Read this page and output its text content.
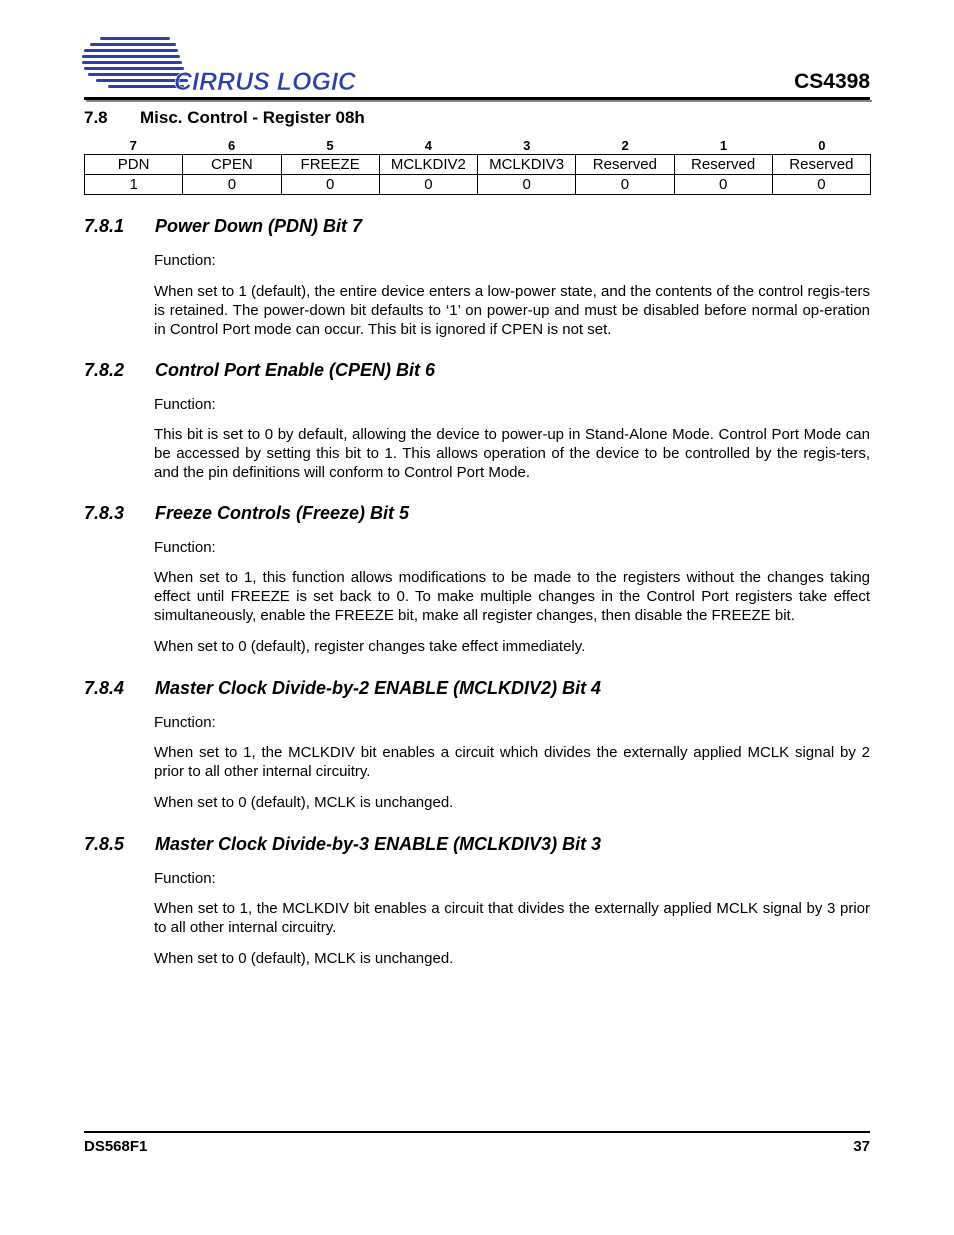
CIRRUS LOGIC	CS4398
7.8 Misc. Control - Register 08h
7	6	5	4	3	2	1	0
PDN	CPEN	FREEZE	MCLKDIV2	MCLKDIV3	Reserved	Reserved	Reserved
1	0	0	0	0	0	0	0
7.8.1 Power Down (PDN) Bit 7
Function:
When set to 1 (default), the entire device enters a low-power state, and the contents of the control regis-ters is retained. The power-down bit defaults to ‘1’ on power-up and must be disabled before normal op-eration in Control Port mode can occur. This bit is ignored if CPEN is not set.
7.8.2 Control Port Enable (CPEN) Bit 6
Function:
This bit is set to 0 by default, allowing the device to power-up in Stand-Alone Mode. Control Port Mode can be accessed by setting this bit to 1. This allows operation of the device to be controlled by the regis-ters, and the pin definitions will conform to Control Port Mode.
7.8.3 Freeze Controls (Freeze) Bit 5
Function:
When set to 1, this function allows modifications to be made to the registers without the changes taking effect until FREEZE is set back to 0. To make multiple changes in the Control Port registers take effect simultaneously, enable the FREEZE bit, make all register changes, then disable the FREEZE bit.
When set to 0 (default), register changes take effect immediately.
7.8.4 Master Clock Divide-by-2 ENABLE (MCLKDIV2) Bit 4
Function:
When set to 1, the MCLKDIV bit enables a circuit which divides the externally applied MCLK signal by 2 prior to all other internal circuitry.
When set to 0 (default), MCLK is unchanged.
7.8.5 Master Clock Divide-by-3 ENABLE (MCLKDIV3) Bit 3
Function:
When set to 1, the MCLKDIV bit enables a circuit that divides the externally applied MCLK signal by 3 prior to all other internal circuitry.
When set to 0 (default), MCLK is unchanged.
DS568F1	37
